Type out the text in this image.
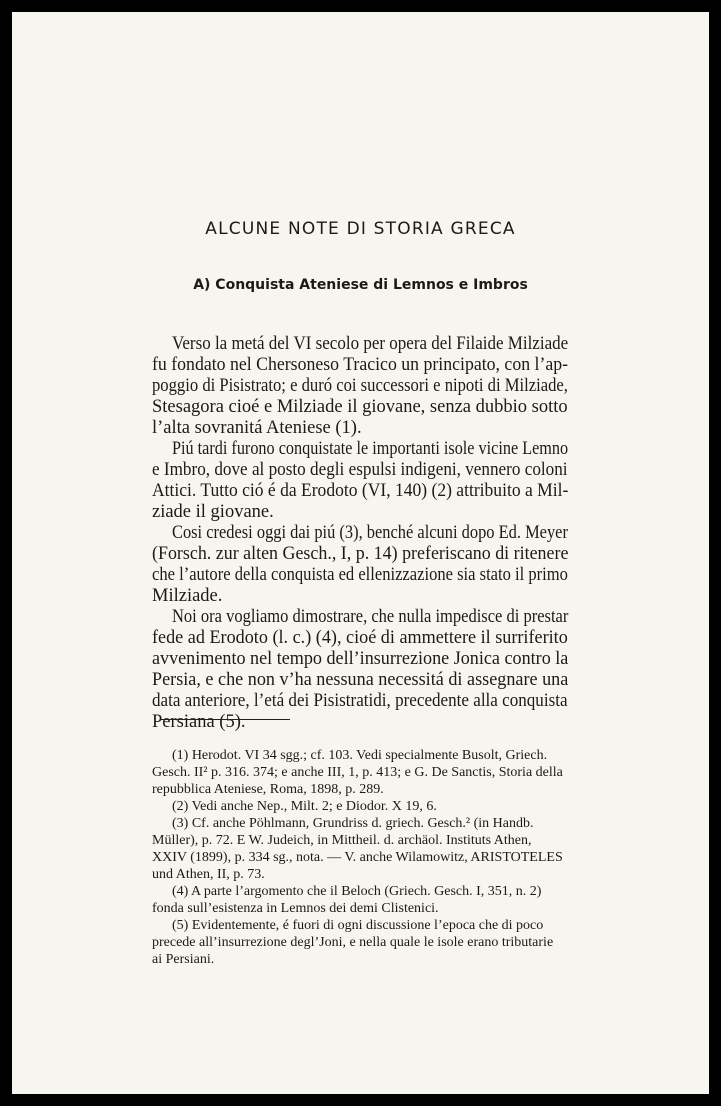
ALCUNE NOTE DI STORIA GRECA
A) Conquista Ateniese di Lemnos e Imbros
Verso la metá del VI secolo per opera del Filaide Milziade
fu fondato nel Chersoneso Tracico un principato, con l’ap-
poggio di Pisistrato; e duró coi successori e nipoti di Milziade,
Stesagora cioé e Milziade il giovane, senza dubbio sotto
l’alta sovranitá Ateniese (1).
Piú tardi furono conquistate le importanti isole vicine Lemno
e Imbro, dove al posto degli espulsi indigeni, vennero coloni
Attici. Tutto ció é da Erodoto (VI, 140) (2) attribuito a Mil-
ziade il giovane.
Cosi credesi oggi dai piú (3), benché alcuni dopo Ed. Meyer
(Forsch. zur alten Gesch., I, p. 14) preferiscano di ritenere
che l’autore della conquista ed ellenizzazione sia stato il primo
Milziade.
Noi ora vogliamo dimostrare, che nulla impedisce di prestar
fede ad Erodoto (l. c.) (4), cioé di ammettere il surriferito
avvenimento nel tempo dell’insurrezione Jonica contro la
Persia, e che non v’ha nessuna necessitá di assegnare una
data anteriore, l’etá dei Pisistratidi, precedente alla conquista
Persiana (5).
(1) Herodot. VI 34 sgg.; cf. 103. Vedi specialmente Busolt, Griech.
Gesch. II² p. 316. 374; e anche III, 1, p. 413; e G. De Sanctis, Storia della
repubblica Ateniese, Roma, 1898, p. 289.
(2) Vedi anche Nep., Milt. 2; e Diodor. X 19, 6.
(3) Cf. anche Pöhlmann, Grundriss d. griech. Gesch.² (in Handb.
Müller), p. 72. E W. Judeich, in Mittheil. d. archäol. Instituts Athen,
XXIV (1899), p. 334 sg., nota. — V. anche Wilamowitz, ARISTOTELES
und Athen, II, p. 73.
(4) A parte l’argomento che il Beloch (Griech. Gesch. I, 351, n. 2)
fonda sull’esistenza in Lemnos dei demi Clistenici.
(5) Evidentemente, é fuori di ogni discussione l’epoca che di poco
precede all’insurrezione degl’Joni, e nella quale le isole erano tributarie
ai Persiani.
